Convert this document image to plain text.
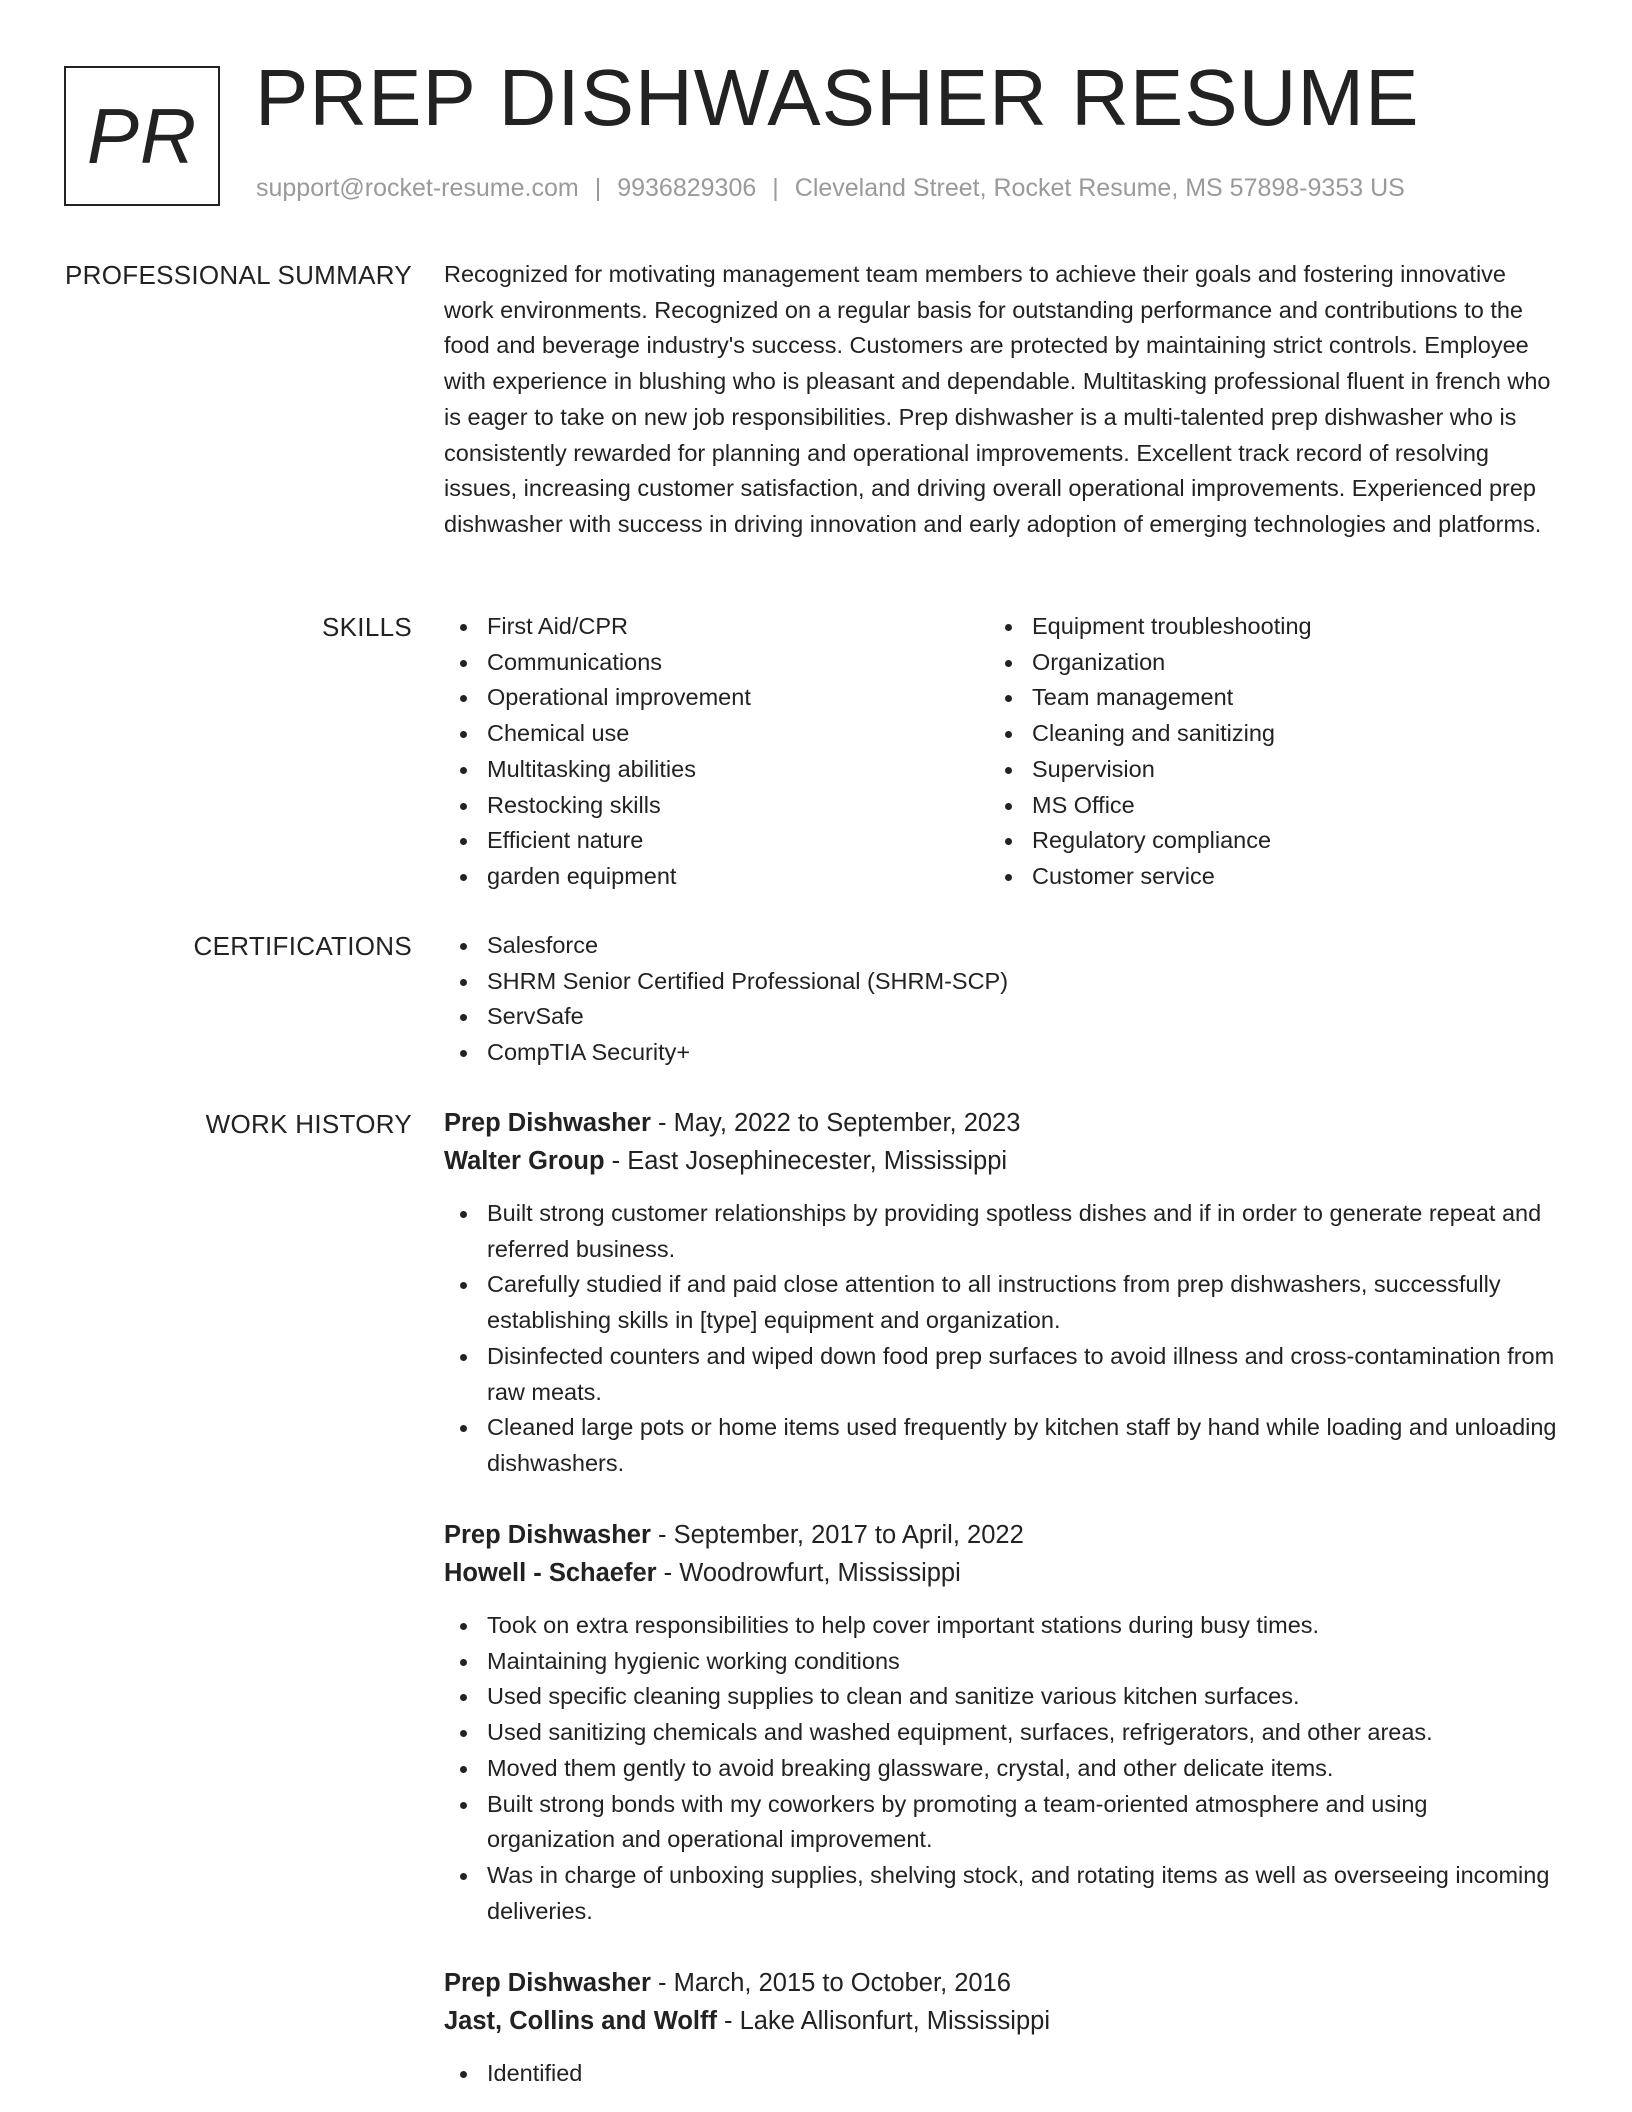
PR PREP DISHWASHER RESUME
support@rocket-resume.com | 9936829306 | Cleveland Street, Rocket Resume, MS 57898-9353 US
PROFESSIONAL SUMMARY Recognized for motivating management team members to achieve their goals and fostering innovative work environments. Recognized on a regular basis for outstanding performance and contributions to the food and beverage industry's success. Customers are protected by maintaining strict controls. Employee with experience in blushing who is pleasant and dependable. Multitasking professional fluent in french who is eager to take on new job responsibilities. Prep dishwasher is a multi-talented prep dishwasher who is consistently rewarded for planning and operational improvements. Excellent track record of resolving issues, increasing customer satisfaction, and driving overall operational improvements. Experienced prep dishwasher with success in driving innovation and early adoption of emerging technologies and platforms.
SKILLS	First Aid/CPR
Communications
Operational improvement
Chemical use
Multitasking abilities
Restocking skills
Efficient nature
garden equipment
Equipment troubleshooting
Organization
Team management
Cleaning and sanitizing
Supervision
MS Office
Regulatory compliance
Customer service
CERTIFICATIONS	Salesforce
SHRM Senior Certified Professional (SHRM-SCP)
ServSafe
CompTIA Security+
WORK HISTORY Prep Dishwasher - May, 2022 to September, 2023
Walter Group - East Josephinecester, Mississippi
Built strong customer relationships by providing spotless dishes and if in order to generate repeat and referred business.
Carefully studied if and paid close attention to all instructions from prep dishwashers, successfully establishing skills in [type] equipment and organization.
Disinfected counters and wiped down food prep surfaces to avoid illness and cross-contamination from raw meats.
Cleaned large pots or home items used frequently by kitchen staff by hand while loading and unloading dishwashers.
Prep Dishwasher - September, 2017 to April, 2022
Howell - Schaefer - Woodrowfurt, Mississippi
Took on extra responsibilities to help cover important stations during busy times.
Maintaining hygienic working conditions
Used specific cleaning supplies to clean and sanitize various kitchen surfaces.
Used sanitizing chemicals and washed equipment, surfaces, refrigerators, and other areas.
Moved them gently to avoid breaking glassware, crystal, and other delicate items.
Built strong bonds with my coworkers by promoting a team-oriented atmosphere and using organization and operational improvement.
Was in charge of unboxing supplies, shelving stock, and rotating items as well as overseeing incoming deliveries.
Prep Dishwasher - March, 2015 to October, 2016
Jast, Collins and Wolff - Lake Allisonfurt, Mississippi
Identified
